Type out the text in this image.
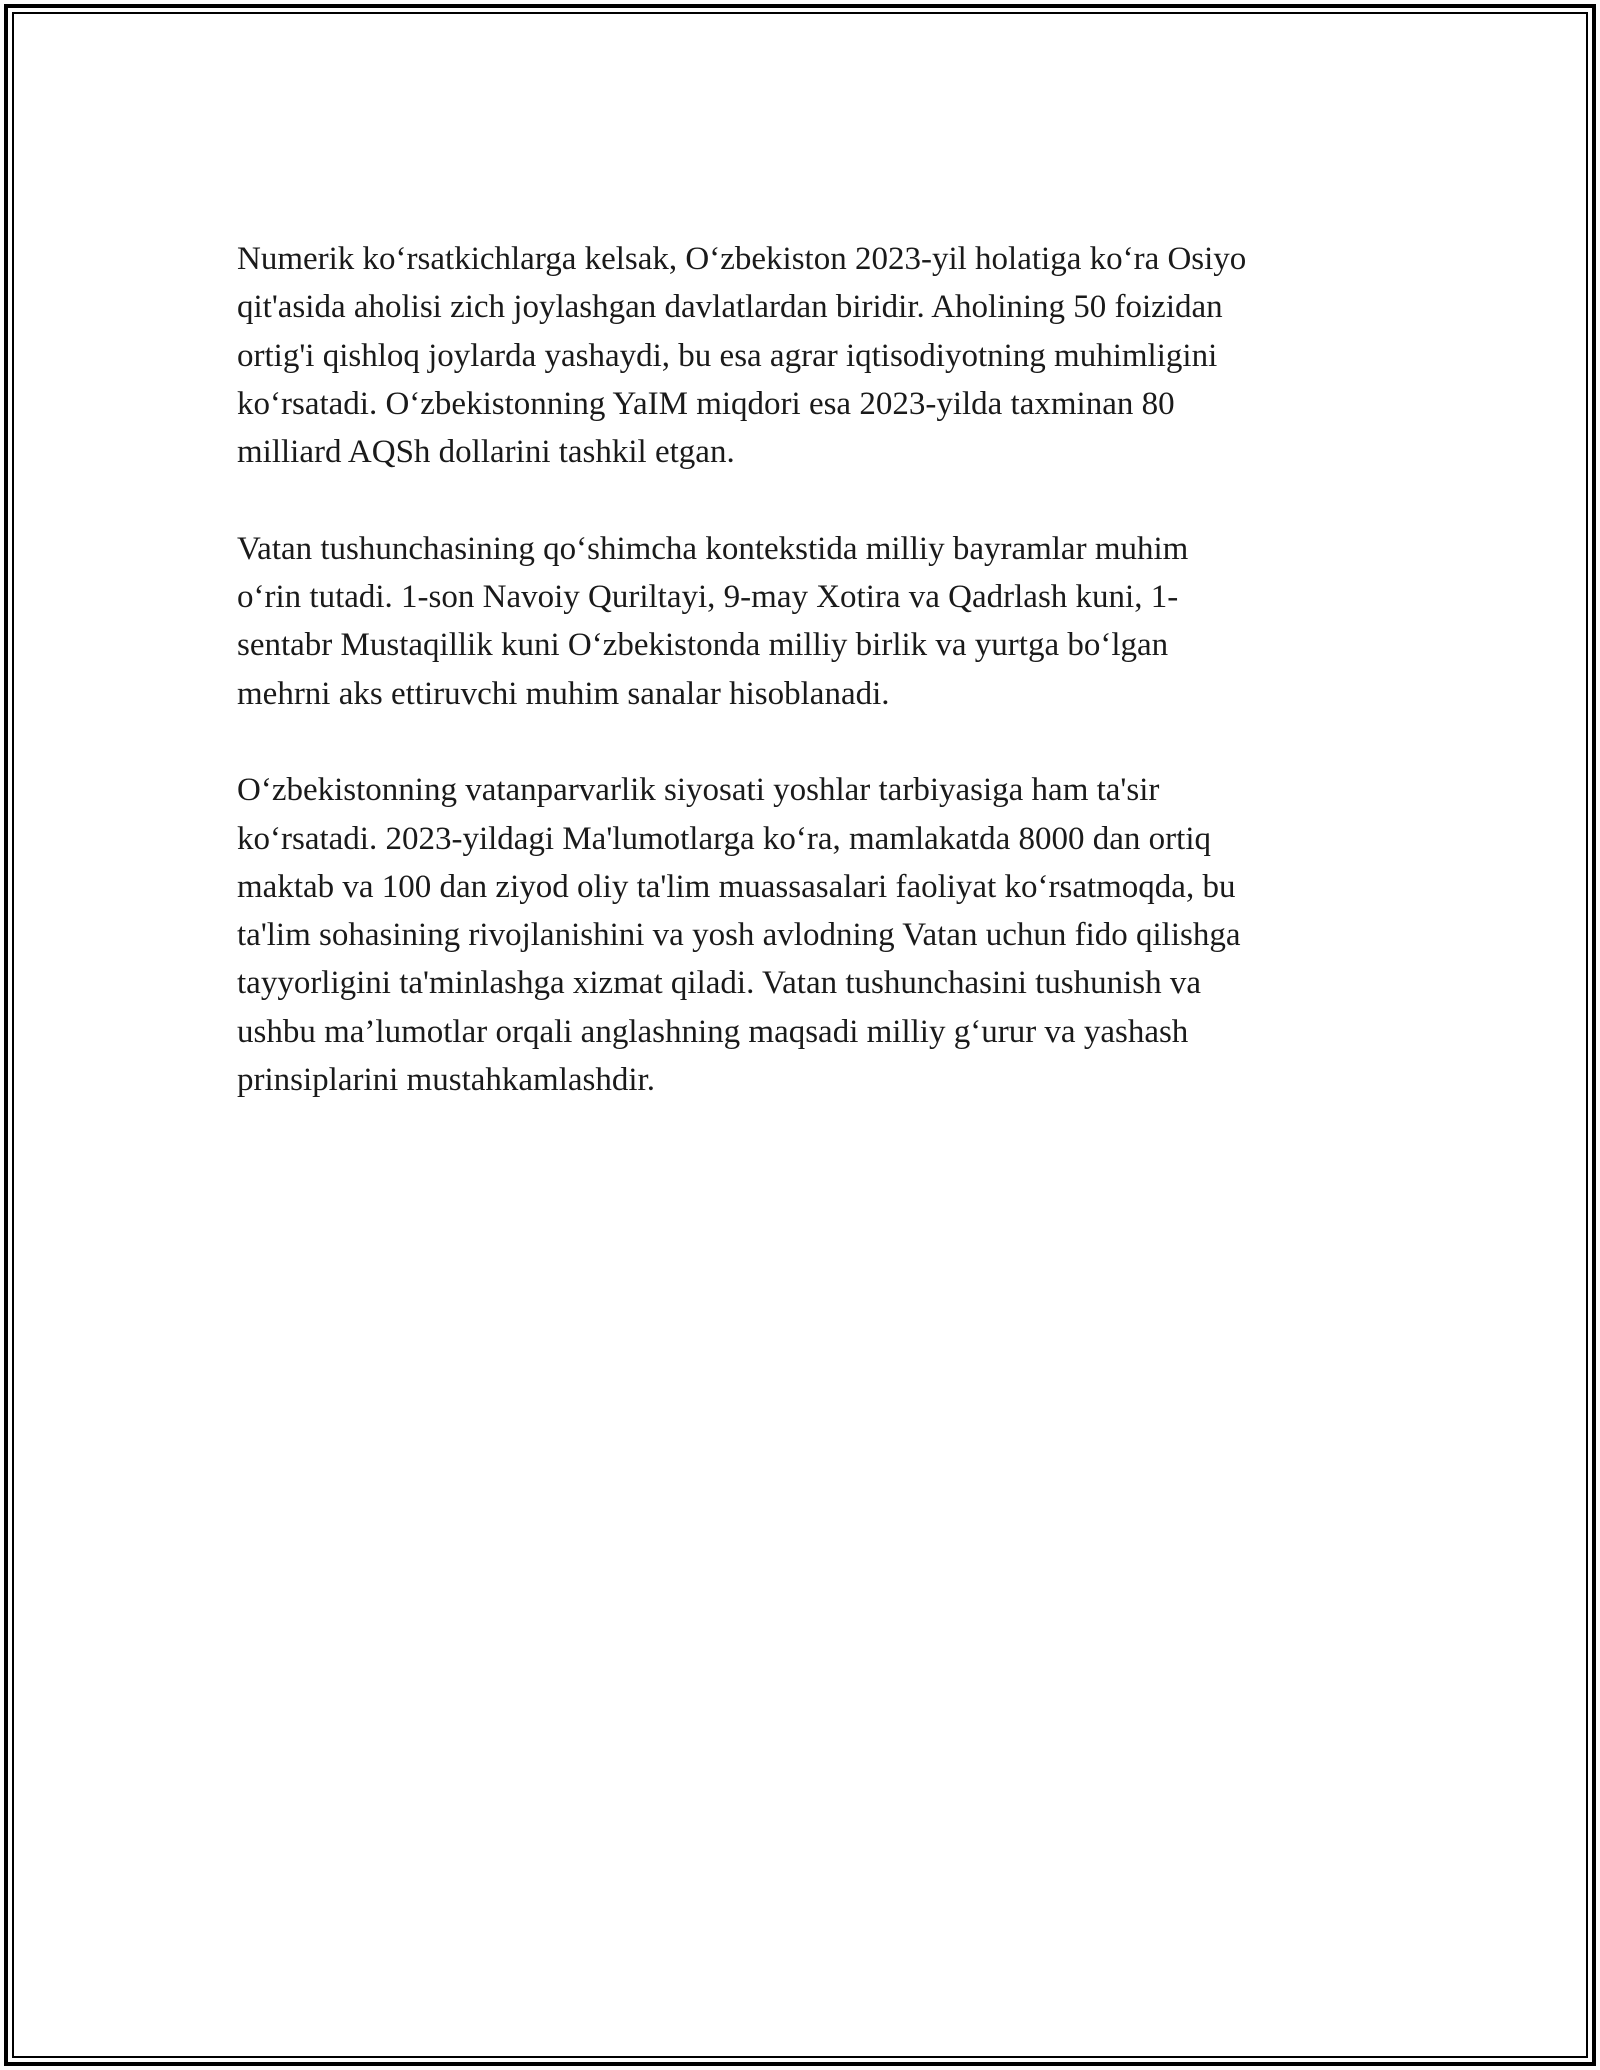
Numerik ko‘rsatkichlarga kelsak, O‘zbekiston 2023-yil holatiga ko‘ra Osiyo
qit'asida aholisi zich joylashgan davlatlardan biridir. Aholining 50 foizidan
ortig'i qishloq joylarda yashaydi, bu esa agrar iqtisodiyotning muhimligini
ko‘rsatadi. O‘zbekistonning YaIM miqdori esa 2023-yilda taxminan 80
milliard AQSh dollarini tashkil etgan.

Vatan tushunchasining qo‘shimcha kontekstida milliy bayramlar muhim
o‘rin tutadi. 1-son Navoiy Quriltayi, 9-may Xotira va Qadrlash kuni, 1-
sentabr Mustaqillik kuni O‘zbekistonda milliy birlik va yurtga bo‘lgan
mehrni aks ettiruvchi muhim sanalar hisoblanadi.

O‘zbekistonning vatanparvarlik siyosati yoshlar tarbiyasiga ham ta'sir
ko‘rsatadi. 2023-yildagi Ma'lumotlarga ko‘ra, mamlakatda 8000 dan ortiq
maktab va 100 dan ziyod oliy ta'lim muassasalari faoliyat ko‘rsatmoqda, bu
ta'lim sohasining rivojlanishini va yosh avlodning Vatan uchun fido qilishga
tayyorligini ta'minlashga xizmat qiladi. Vatan tushunchasini tushunish va
ushbu ma’lumotlar orqali anglashning maqsadi milliy g‘urur va yashash
prinsiplarini mustahkamlashdir.
